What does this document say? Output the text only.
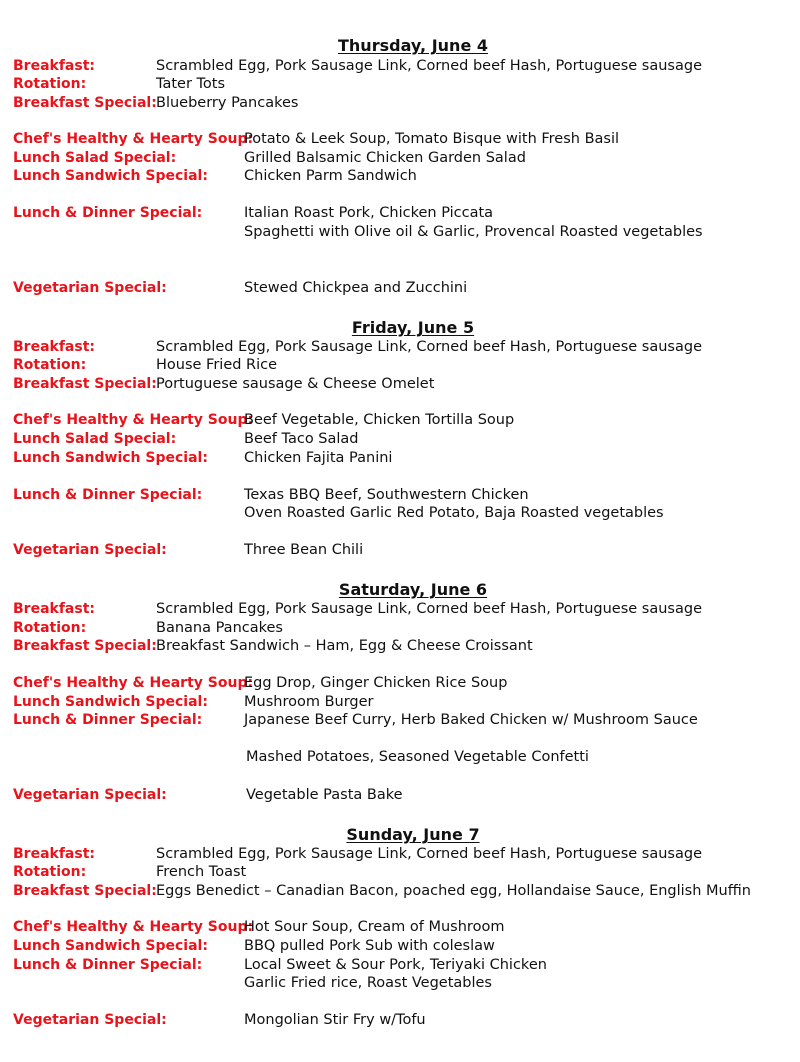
Thursday, June 4
Breakfast:	Scrambled Egg, Pork Sausage Link, Corned beef Hash, Portuguese sausage
Rotation:	Tater Tots
Breakfast Special: Blueberry Pancakes
Chef's Healthy & Hearty Soup:
Potato & Leek Soup, Tomato Bisque with Fresh Basil
Lunch Salad Special:	Grilled Balsamic Chicken Garden Salad
Lunch Sandwich Special: Chicken Parm Sandwich
Lunch & Dinner Special:	Italian Roast Pork, Chicken Piccata
Spaghetti with Olive oil & Garlic, Provencal Roasted vegetables
Vegetarian Special:	Stewed Chickpea and Zucchini
Friday, June 5
Breakfast:	Scrambled Egg, Pork Sausage Link, Corned beef Hash, Portuguese sausage
Rotation:	House Fried Rice
Breakfast Special: Portuguese sausage & Cheese Omelet
Chef's Healthy & Hearty Soup:
Beef Vegetable, Chicken Tortilla Soup
Lunch Salad Special:	Beef Taco Salad
Lunch Sandwich Special: Chicken Fajita Panini
Lunch & Dinner Special:	Texas BBQ Beef, Southwestern Chicken
Oven Roasted Garlic Red Potato, Baja Roasted vegetables
Vegetarian Special:	Three Bean Chili
Saturday, June 6
Breakfast:	Scrambled Egg, Pork Sausage Link, Corned beef Hash, Portuguese sausage
Rotation:	Banana Pancakes
Breakfast Special: Breakfast Sandwich – Ham, Egg & Cheese Croissant
Chef's Healthy & Hearty Soup:
Egg Drop, Ginger Chicken Rice Soup
Lunch Sandwich Special: Mushroom Burger
Lunch & Dinner Special:	Japanese Beef Curry, Herb Baked Chicken w/ Mushroom Sauce
Mashed Potatoes, Seasoned Vegetable Confetti
Vegetarian Special:	Vegetable Pasta Bake
Sunday, June 7
Breakfast:	Scrambled Egg, Pork Sausage Link, Corned beef Hash, Portuguese sausage
Rotation:	French Toast
Breakfast Special: Eggs Benedict – Canadian Bacon, poached egg, Hollandaise Sauce, English Muffin
Chef's Healthy & Hearty Soup:
Hot Sour Soup, Cream of Mushroom
Lunch Sandwich Special: BBQ pulled Pork Sub with coleslaw
Lunch & Dinner Special:	Local Sweet & Sour Pork, Teriyaki Chicken
Garlic Fried rice, Roast Vegetables
Vegetarian Special:	Mongolian Stir Fry w/Tofu
